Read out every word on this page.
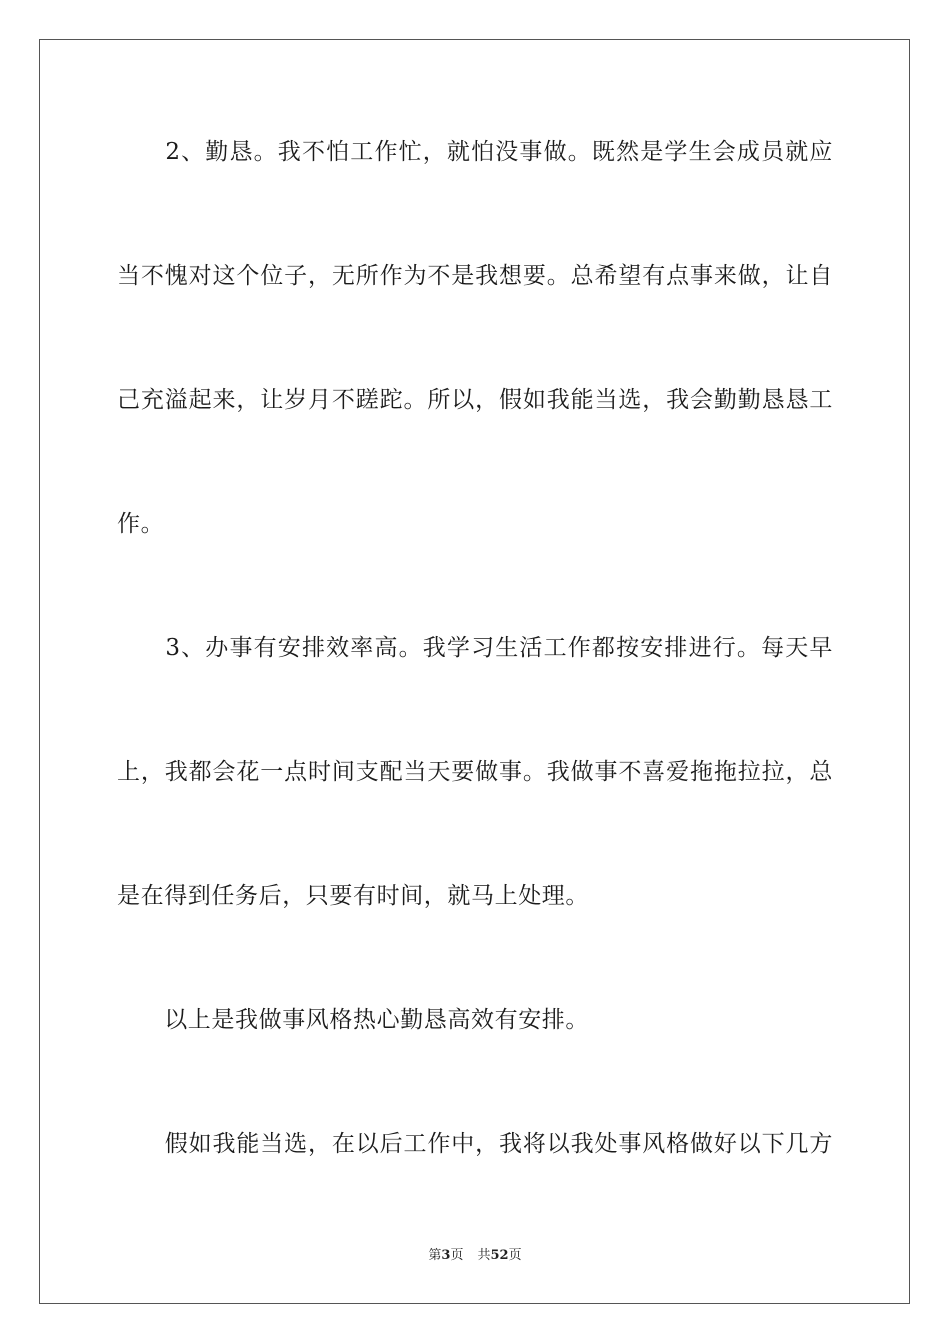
　　2、勤恳。我不怕工作忙，就怕没事做。既然是学生会成员就应
当不愧对这个位子，无所作为不是我想要。总希望有点事来做，让自
己充溢起来，让岁月不蹉跎。所以，假如我能当选，我会勤勤恳恳工
作。
　　3、办事有安排效率高。我学习生活工作都按安排进行。每天早
上，我都会花一点时间支配当天要做事。我做事不喜爱拖拖拉拉，总
是在得到任务后，只要有时间，就马上处理。
　　以上是我做事风格热心勤恳高效有安排。
　　假如我能当选，在以后工作中，我将以我处事风格做好以下几方
第3页 共52页
